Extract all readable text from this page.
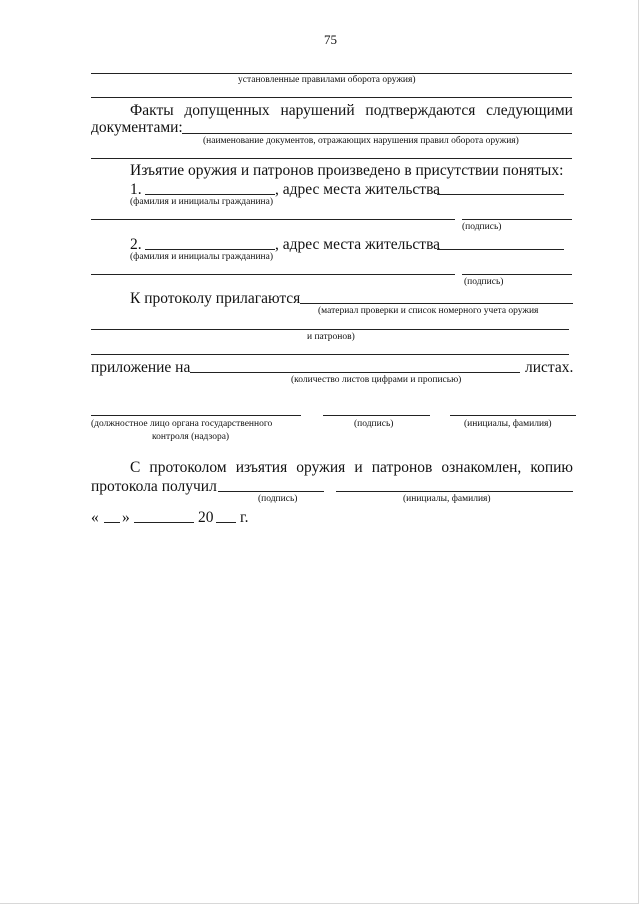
75
установленные правилами оборота оружия)
Факты допущенных нарушений подтверждаются следующими
документами:
(наименование документов, отражающих нарушения правил оборота оружия)
Изъятие оружия и патронов произведено в присутствии понятых:
1.	, адрес места жительства
(фамилия и инициалы гражданина)
(подпись)
2.	, адрес места жительства
(фамилия и инициалы гражданина)
(подпись)
К протоколу прилагаются
(материал проверки и список номерного учета оружия
и патронов)
приложение на	листах.
(количество листов цифрами и прописью)
(должностное лицо органа государственного	(подпись)	(инициалы, фамилия)
контроля (надзора)
С протоколом изъятия оружия и патронов ознакомлен, копию
протокола получил
(подпись)	(инициалы, фамилия)
« »	20 г.
